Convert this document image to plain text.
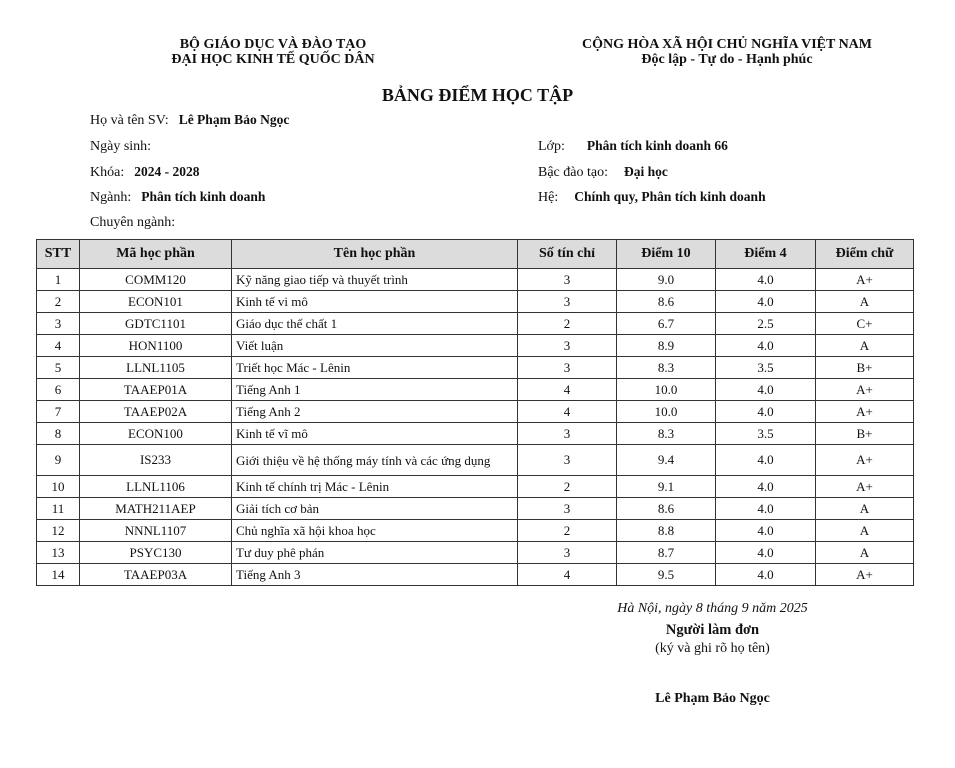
BỘ GIÁO DỤC VÀ ĐÀO TẠO
ĐẠI HỌC KINH TẾ QUỐC DÂN
CỘNG HÒA XÃ HỘI CHỦ NGHĨA VIỆT NAM
Độc lập - Tự do - Hạnh phúc
BẢNG ĐIỂM HỌC TẬP
Họ và tên SV: Lê Phạm Bảo Ngọc
Ngày sinh:
Khóa: 2024 - 2028
Ngành: Phân tích kinh doanh
Chuyên ngành:
Lớp: Phân tích kinh doanh 66
Bậc đào tạo: Đại học
Hệ: Chính quy, Phân tích kinh doanh
STT	Mã học phần	Tên học phần	Số tín chỉ	Điểm 10	Điểm 4	Điểm chữ
1	COMM120	Kỹ năng giao tiếp và thuyết trình	3	9.0	4.0	A+
2	ECON101	Kinh tế vi mô	3	8.6	4.0	A
3	GDTC1101	Giáo dục thể chất 1	2	6.7	2.5	C+
4	HON1100	Viết luận	3	8.9	4.0	A
5	LLNL1105	Triết học Mác - Lênin	3	8.3	3.5	B+
6	TAAEP01A	Tiếng Anh 1	4	10.0	4.0	A+
7	TAAEP02A	Tiếng Anh 2	4	10.0	4.0	A+
8	ECON100	Kinh tế vĩ mô	3	8.3	3.5	B+
9	IS233	Giới thiệu về hệ thống máy tính và các ứng dụng	3	9.4	4.0	A+
10	LLNL1106	Kinh tế chính trị Mác - Lênin	2	9.1	4.0	A+
11	MATH211AEP	Giải tích cơ bản	3	8.6	4.0	A
12	NNNL1107	Chủ nghĩa xã hội khoa học	2	8.8	4.0	A
13	PSYC130	Tư duy phê phán	3	8.7	4.0	A
14	TAAEP03A	Tiếng Anh 3	4	9.5	4.0	A+
Hà Nội, ngày 8 tháng 9 năm 2025
Người làm đơn
(ký và ghi rõ họ tên)
Lê Phạm Bảo Ngọc
